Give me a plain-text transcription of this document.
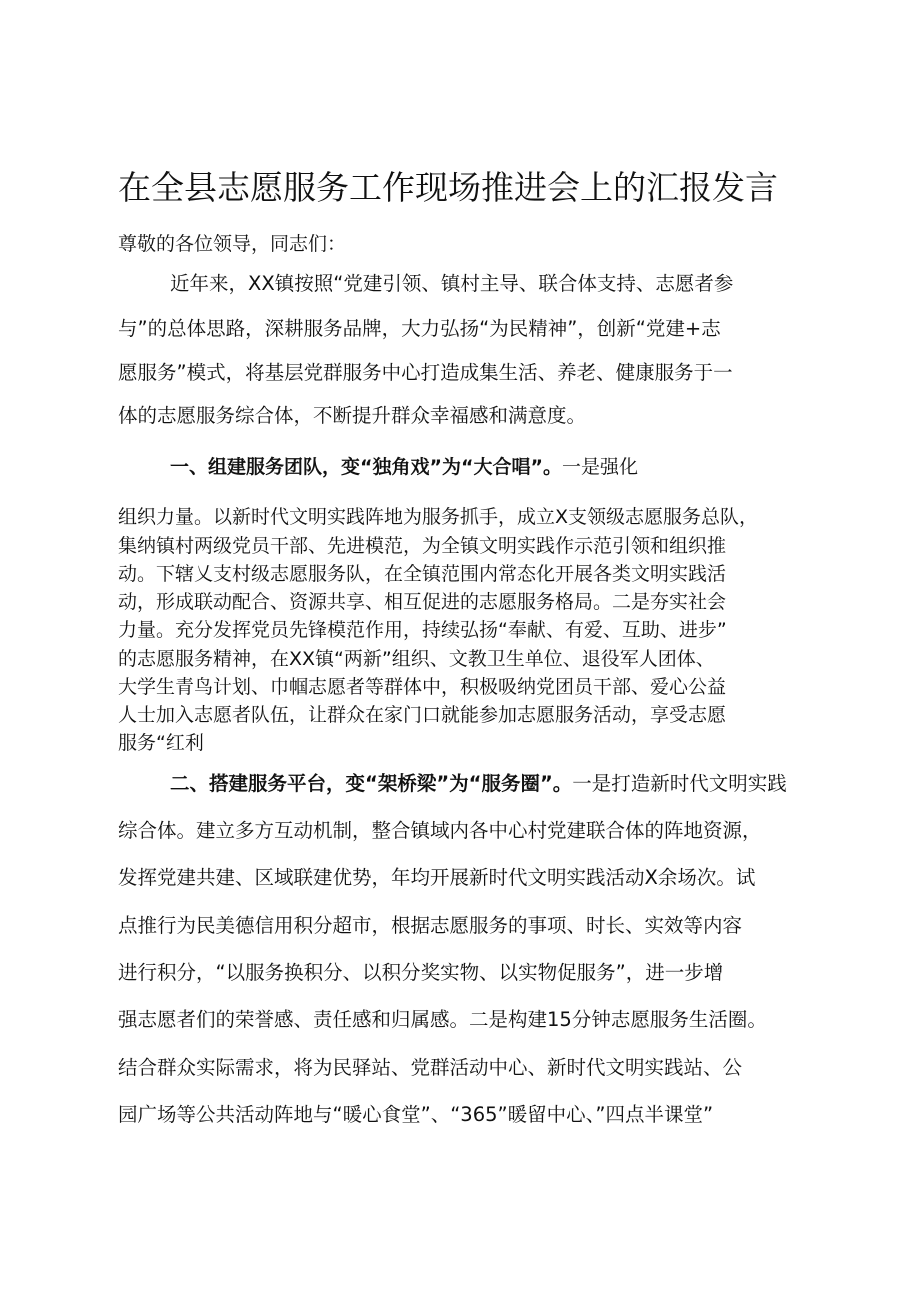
在全县志愿服务工作现场推进会上的汇报发言

尊敬的各位领导，同志们：

近年来，XX镇按照“党建引领、镇村主导、联合体支持、志愿者参

与”的总体思路，深耕服务品牌，大力弘扬“为民精神”，创新“党建+志

愿服务”模式，将基层党群服务中心打造成集生活、养老、健康服务于一

体的志愿服务综合体，不断提升群众幸福感和满意度。

一、组建服务团队，变“独角戏”为“大合唱”。一是强化

组织力量。以新时代文明实践阵地为服务抓手，成立X支领级志愿服务总队，

集纳镇村两级党员干部、先进模范，为全镇文明实践作示范引领和组织推

动。下辖乂支村级志愿服务队，在全镇范围内常态化开展各类文明实践活

动，形成联动配合、资源共享、相互促进的志愿服务格局。二是夯实社会

力量。充分发挥党员先锋模范作用，持续弘扬“奉献、有爱、互助、进步”

的志愿服务精神，在XX镇“两新”组织、文教卫生单位、退役军人团体、

大学生青鸟计划、巾帼志愿者等群体中，积极吸纳党团员干部、爱心公益

人士加入志愿者队伍，让群众在家门口就能参加志愿服务活动，享受志愿

服务“红利

二、搭建服务平台，变“架桥梁”为“服务圈”。一是打造新时代文明实践

综合体。建立多方互动机制，整合镇域内各中心村党建联合体的阵地资源，

发挥党建共建、区域联建优势，年均开展新时代文明实践活动X余场次。试

点推行为民美德信用积分超市，根据志愿服务的事项、时长、实效等内容

进行积分，“以服务换积分、以积分奖实物、以实物促服务”，进一步增

强志愿者们的荣誉感、责任感和归属感。二是构建15分钟志愿服务生活圈。

结合群众实际需求，将为民驿站、党群活动中心、新时代文明实践站、公

园广场等公共活动阵地与“暖心食堂”、“365”暖留中心、”四点半课堂”
